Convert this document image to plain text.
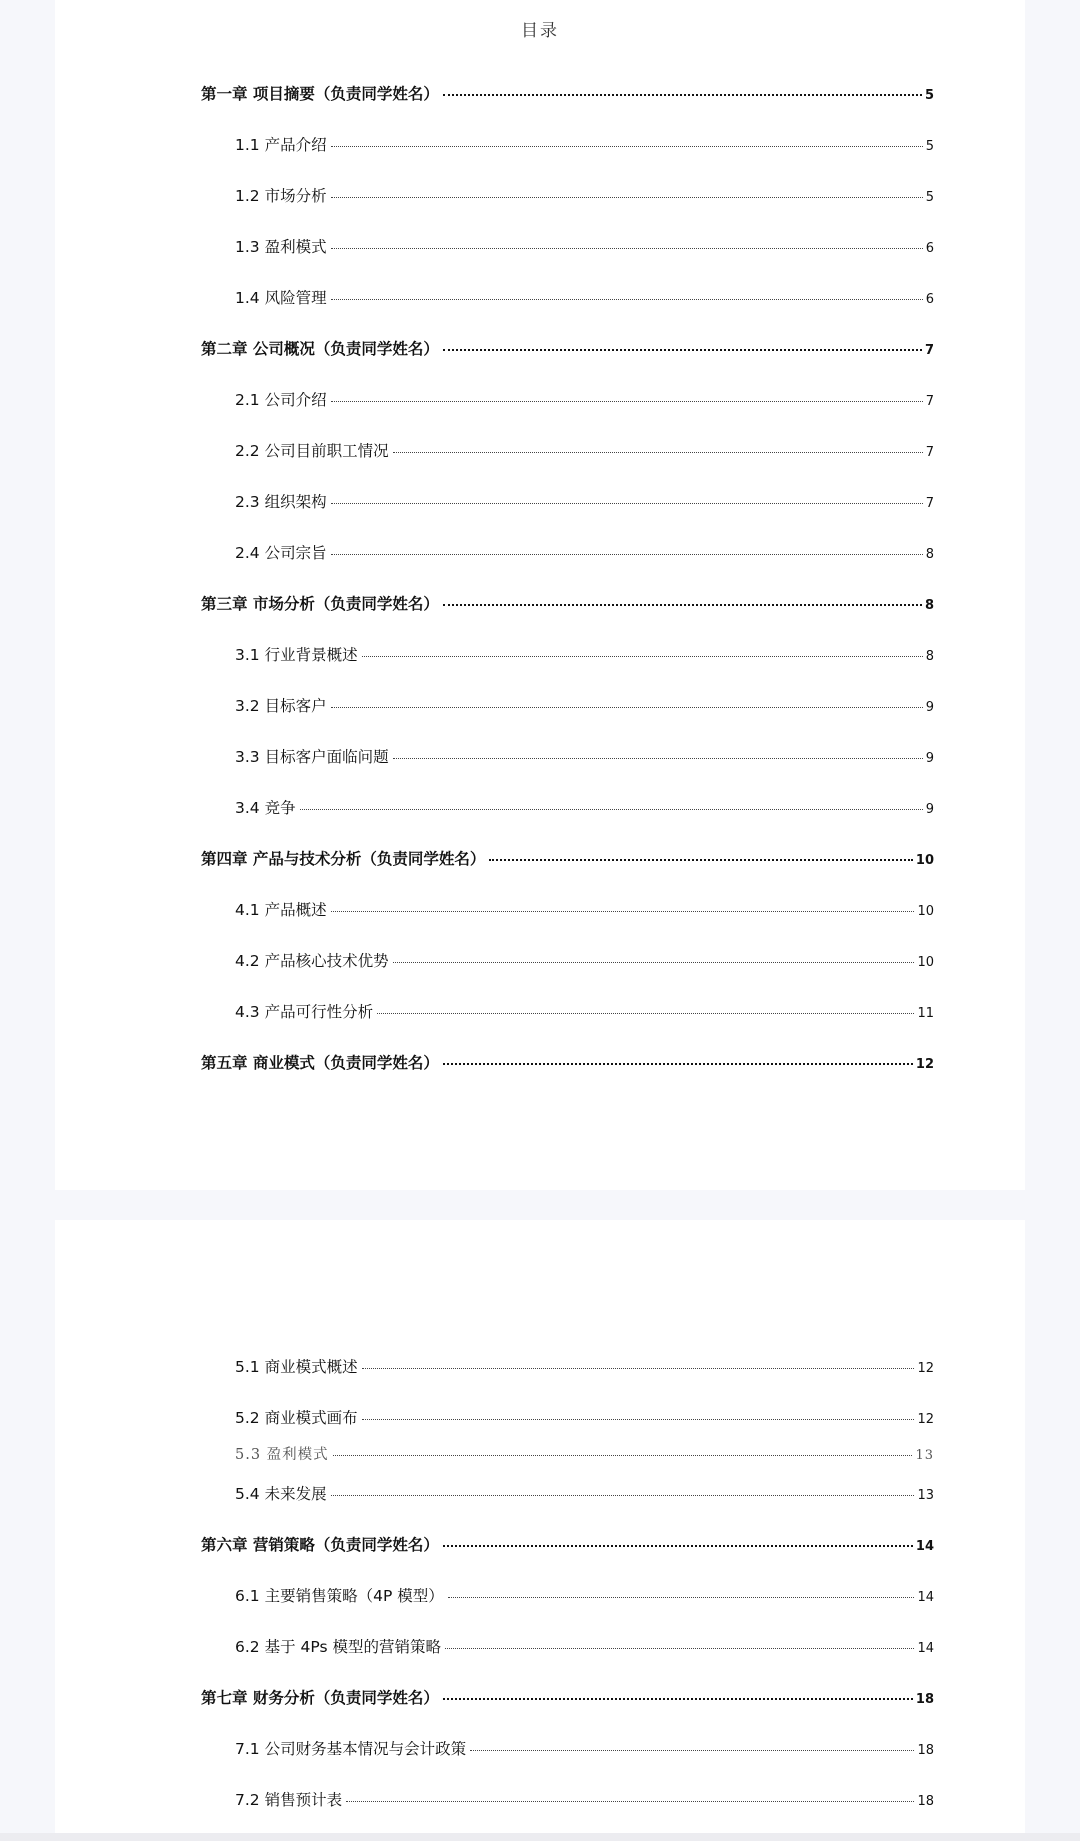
目录
第一章 项目摘要（负责同学姓名）	5
1.1 产品介绍	5
1.2 市场分析	5
1.3 盈利模式	6
1.4 风险管理	6
第二章 公司概况（负责同学姓名）	7
2.1 公司介绍	7
2.2 公司目前职工情况	7
2.3 组织架构	7
2.4 公司宗旨	8
第三章 市场分析（负责同学姓名）	8
3.1 行业背景概述	8
3.2 目标客户	9
3.3 目标客户面临问题	9
3.4 竞争	9
第四章 产品与技术分析（负责同学姓名）	10
4.1 产品概述	10
4.2 产品核心技术优势	10
4.3 产品可行性分析	11
第五章 商业模式（负责同学姓名）	12
5.1 商业模式概述	12
5.2 商业模式画布	12
5.3 盈利模式	13
5.4 未来发展	13
第六章 营销策略（负责同学姓名）	14
6.1 主要销售策略（4P 模型）	14
6.2 基于 4Ps 模型的营销策略	14
第七章 财务分析（负责同学姓名）	18
7.1 公司财务基本情况与会计政策	18
7.2 销售预计表	18
